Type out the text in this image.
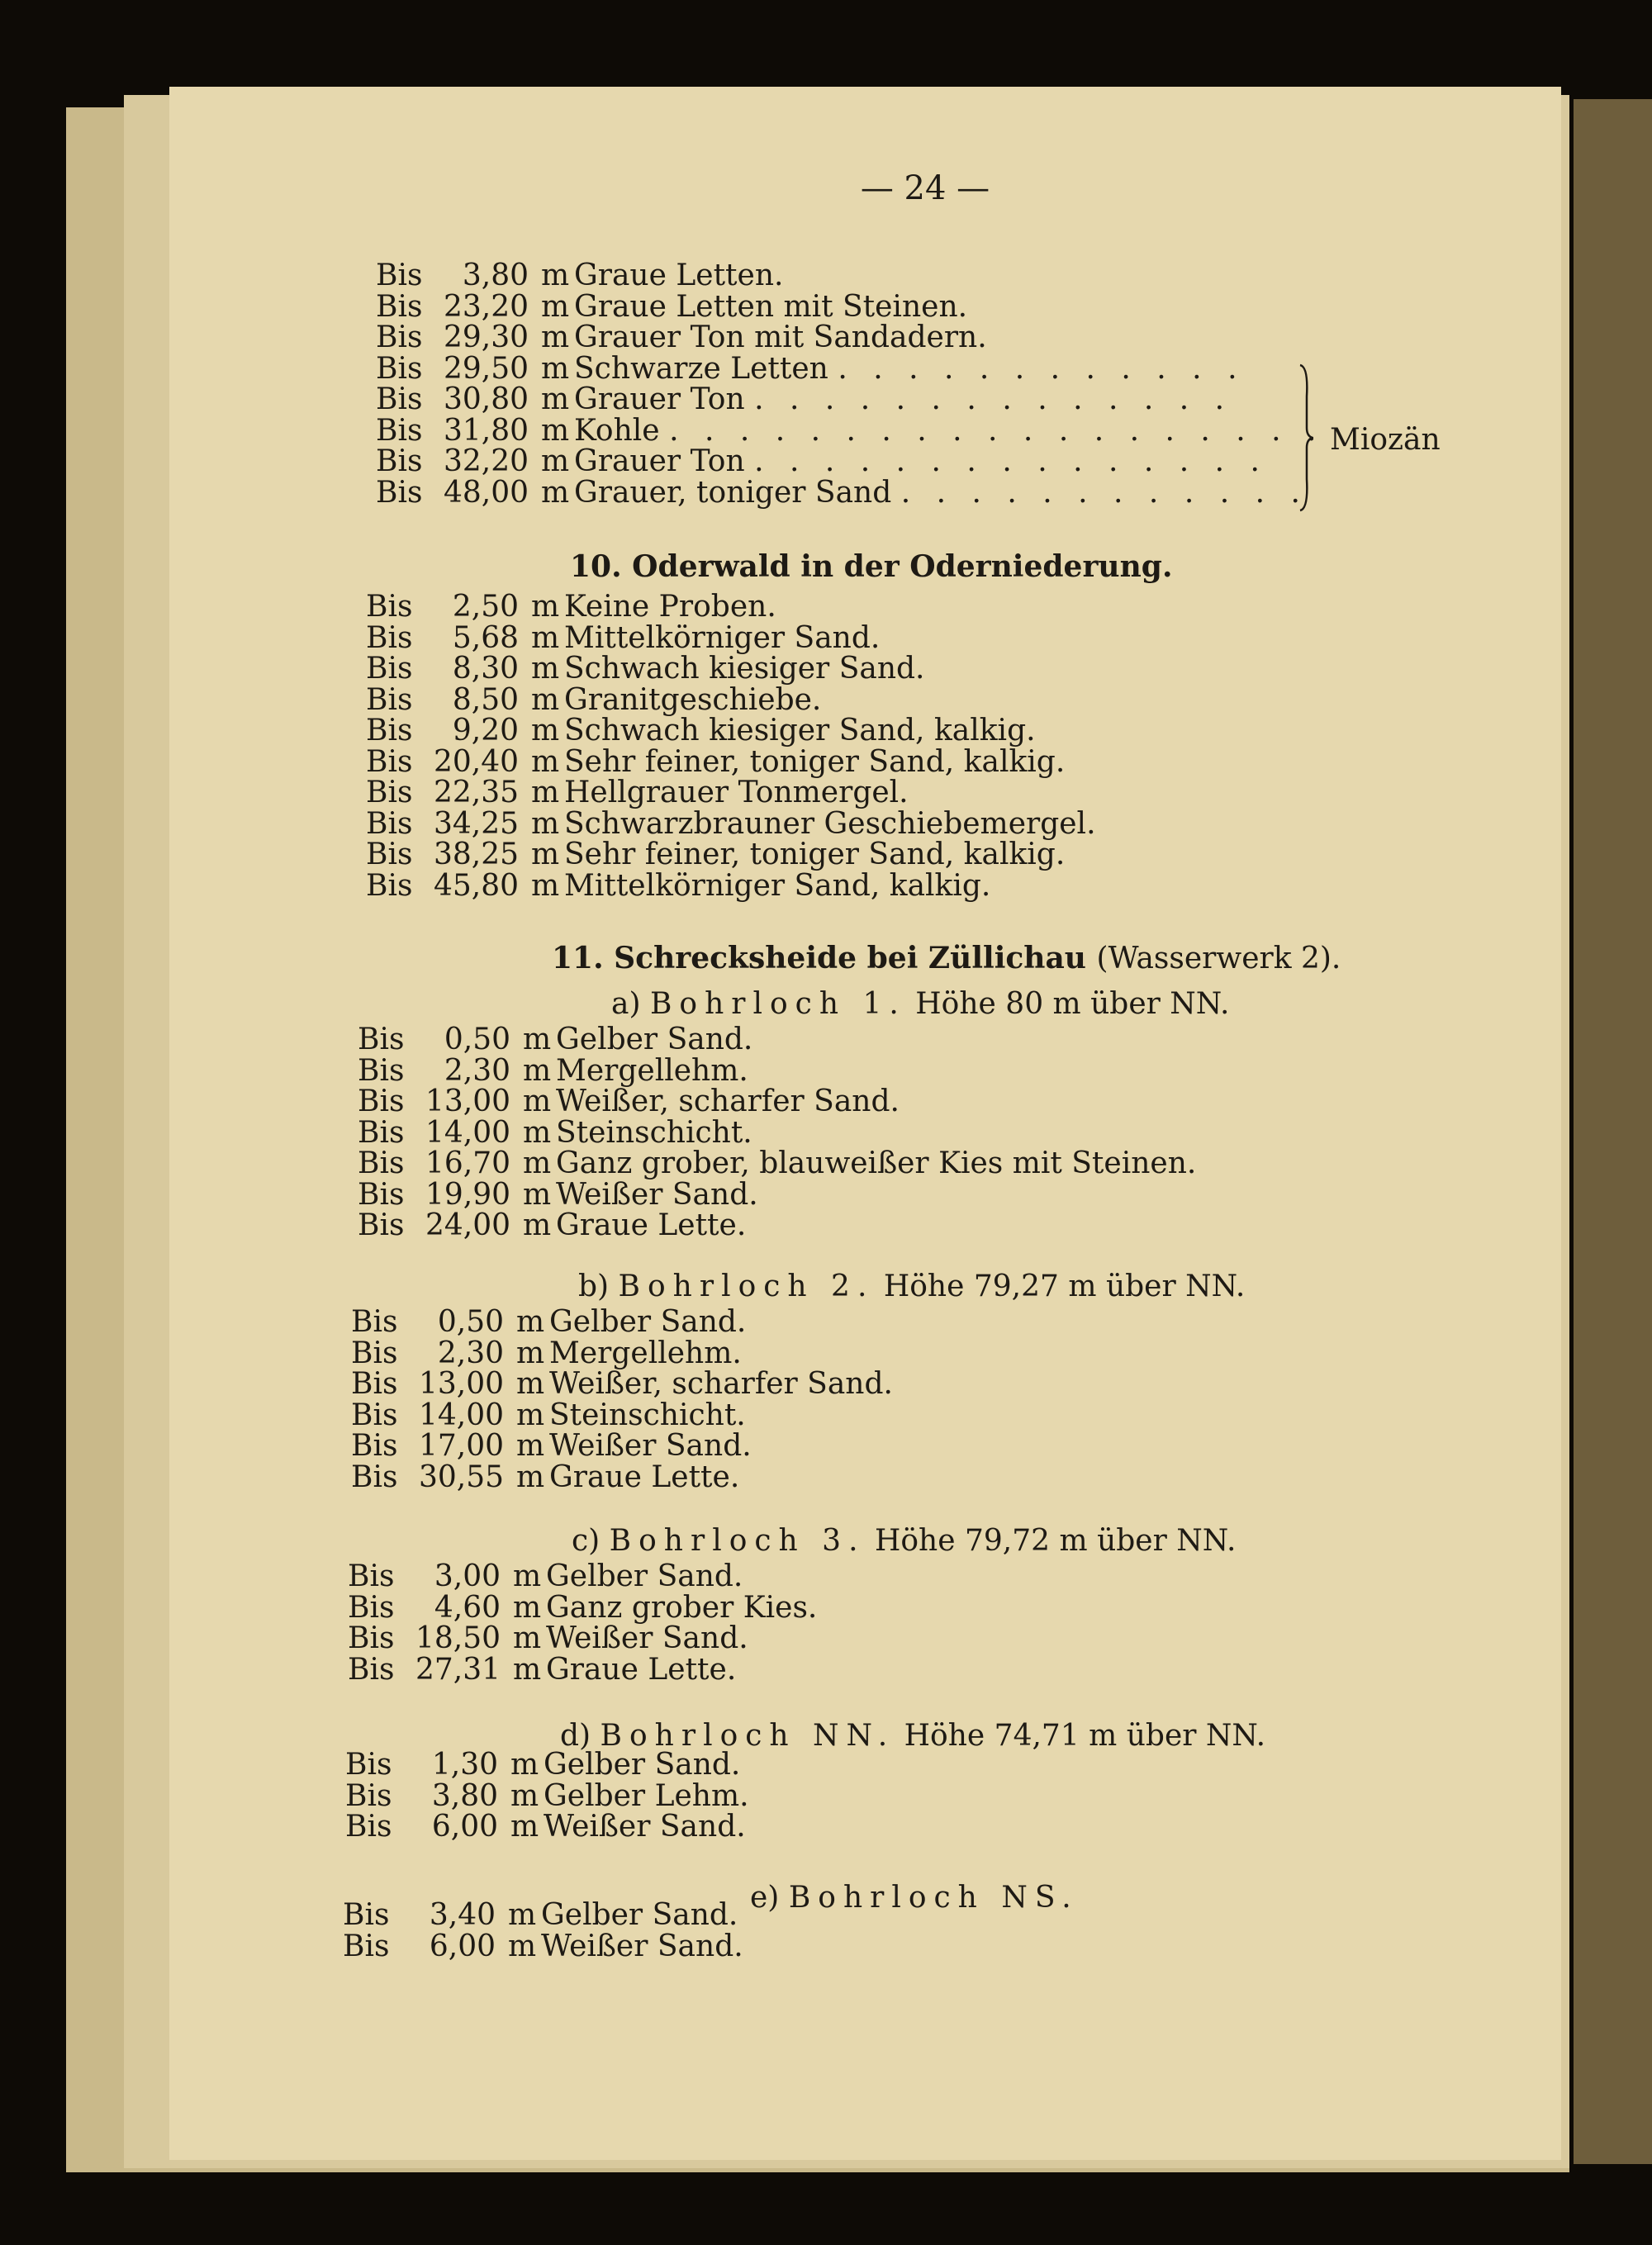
— 24 —
Bis	3,80 m Graue Letten.
Bis 23,20 m Graue Letten mit Steinen.
Bis 29,30 m Grauer Ton mit Sandadern.
Bis 29,50 m Schwarze Letten . . . . . . . . . . . .
Bis 30,80 m Grauer Ton . . . . . . . . . . . . . .
Bis 31,80 m Kohle . . . . . . . . . . . . . . . . . . .
Bis 32,20 m Grauer Ton . . . . . . . . . . . . . . .
Bis 48,00 m Grauer, toniger Sand . . . . . . . . . . . .
Miozän
10. Oderwald in der Oderniederung.
Bis	2,50 m Keine Proben.
Bis	5,68 m Mittelkörniger Sand.
Bis	8,30 m Schwach kiesiger Sand.
Bis	8,50 m Granitgeschiebe.
Bis	9,20 m Schwach kiesiger Sand, kalkig.
Bis 20,40 m Sehr feiner, toniger Sand, kalkig.
Bis 22,35 m Hellgrauer Tonmergel.
Bis 34,25 m Schwarzbrauner Geschiebemergel.
Bis 38,25 m Sehr feiner, toniger Sand, kalkig.
Bis 45,80 m Mittelkörniger Sand, kalkig.
11. Schrecksheide bei Züllichau (Wasserwerk 2).
a) Bohrloch 1. Höhe 80 m über NN.
Bis	0,50 m Gelber Sand.
Bis	2,30 m Mergellehm.
Bis 13,00 m Weißer, scharfer Sand.
Bis 14,00 m Steinschicht.
Bis 16,70 m Ganz grober, blauweißer Kies mit Steinen.
Bis 19,90 m Weißer Sand.
Bis 24,00 m Graue Lette.
b) Bohrloch 2. Höhe 79,27 m über NN.
Bis	0,50 m Gelber Sand.
Bis	2,30 m Mergellehm.
Bis 13,00 m Weißer, scharfer Sand.
Bis 14,00 m Steinschicht.
Bis 17,00 m Weißer Sand.
Bis 30,55 m Graue Lette.
c) Bohrloch 3. Höhe 79,72 m über NN.
Bis	3,00 m Gelber Sand.
Bis	4,60 m Ganz grober Kies.
Bis 18,50 m Weißer Sand.
Bis 27,31 m Graue Lette.
d) Bohrloch NN. Höhe 74,71 m über NN.
Bis	1,30 m Gelber Sand.
Bis	3,80 m Gelber Lehm.
Bis	6,00 m Weißer Sand.
e) Bohrloch NS.
Bis	3,40 m Gelber Sand.
Bis	6,00 m Weißer Sand.
